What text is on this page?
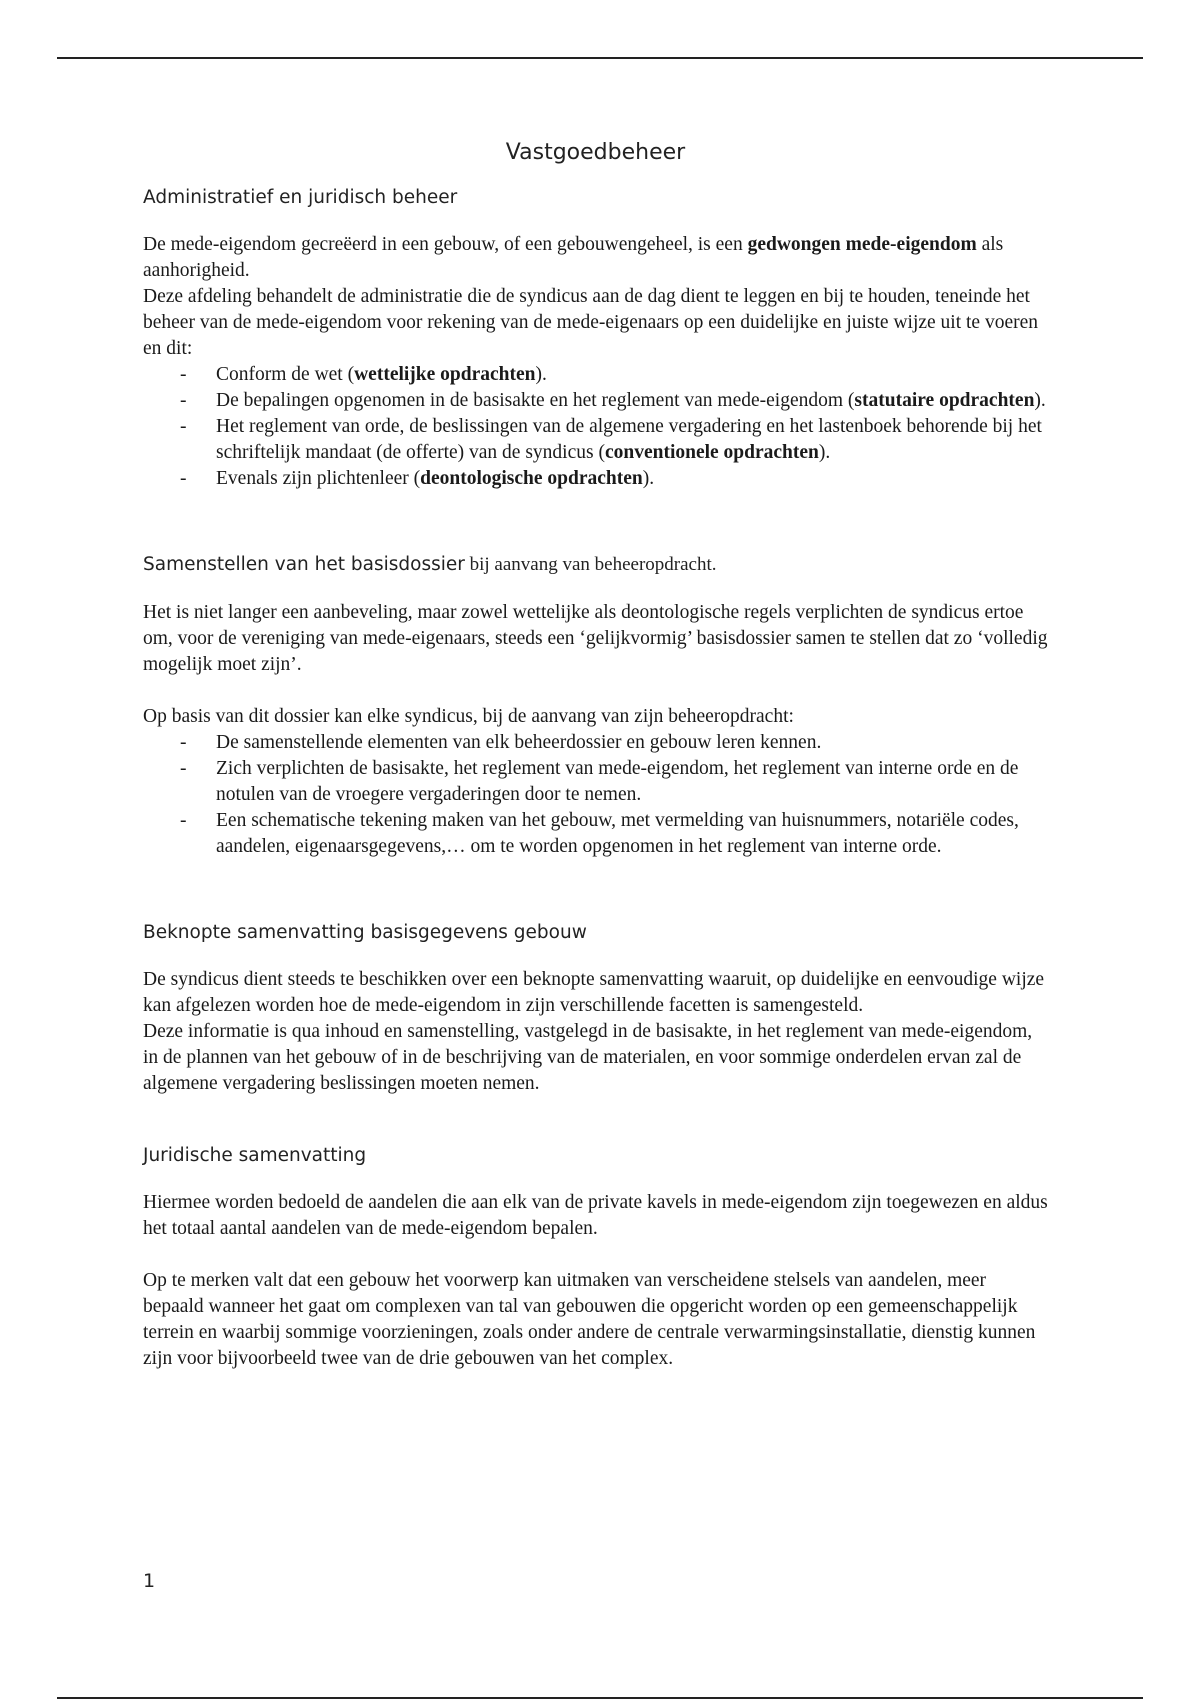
Vastgoedbeheer
Administratief en juridisch beheer

De mede-eigendom gecreëerd in een gebouw, of een gebouwengeheel, is een gedwongen mede-eigendom als aanhorigheid.

Deze afdeling behandelt de administratie die de syndicus aan de dag dient te leggen en bij te houden, teneinde het beheer van de mede-eigendom voor rekening van de mede-eigenaars op een duidelijke en juiste wijze uit te voeren en dit:

- Conform de wet (wettelijke opdrachten).
- De bepalingen opgenomen in de basisakte en het reglement van mede-eigendom (statutaire opdrachten).
- Het reglement van orde, de beslissingen van de algemene vergadering en het lastenboek behorende bij het schriftelijk mandaat (de offerte) van de syndicus (conventionele opdrachten).
- Evenals zijn plichtenleer (deontologische opdrachten).
Samenstellen van het basisdossier bij aanvang van beheeropdracht.

Het is niet langer een aanbeveling, maar zowel wettelijke als deontologische regels verplichten de syndicus ertoe om, voor de vereniging van mede-eigenaars, steeds een ‘gelijkvormig’ basisdossier samen te stellen dat zo ‘volledig mogelijk moet zijn’.

Op basis van dit dossier kan elke syndicus, bij de aanvang van zijn beheeropdracht:

- De samenstellende elementen van elk beheerdossier en gebouw leren kennen.
- Zich verplichten de basisakte, het reglement van mede-eigendom, het reglement van interne orde en de notulen van de vroegere vergaderingen door te nemen.
- Een schematische tekening maken van het gebouw, met vermelding van huisnummers, notariële codes, aandelen, eigenaarsgegevens,… om te worden opgenomen in het reglement van interne orde.
Beknopte samenvatting basisgegevens gebouw

De syndicus dient steeds te beschikken over een beknopte samenvatting waaruit, op duidelijke en eenvoudige wijze kan afgelezen worden hoe de mede-eigendom in zijn verschillende facetten is samengesteld.

Deze informatie is qua inhoud en samenstelling, vastgelegd in de basisakte, in het reglement van mede-eigendom, in de plannen van het gebouw of in de beschrijving van de materialen, en voor sommige onderdelen ervan zal de algemene vergadering beslissingen moeten nemen.

Juridische samenvatting

Hiermee worden bedoeld de aandelen die aan elk van de private kavels in mede-eigendom zijn toegewezen en aldus het totaal aantal aandelen van de mede-eigendom bepalen.

Op te merken valt dat een gebouw het voorwerp kan uitmaken van verscheidene stelsels van aandelen, meer bepaald wanneer het gaat om complexen van tal van gebouwen die opgericht worden op een gemeenschappelijk terrein en waarbij sommige voorzieningen, zoals onder andere de centrale verwarmingsinstallatie, dienstig kunnen zijn voor bijvoorbeeld twee van de drie gebouwen van het complex.

1
